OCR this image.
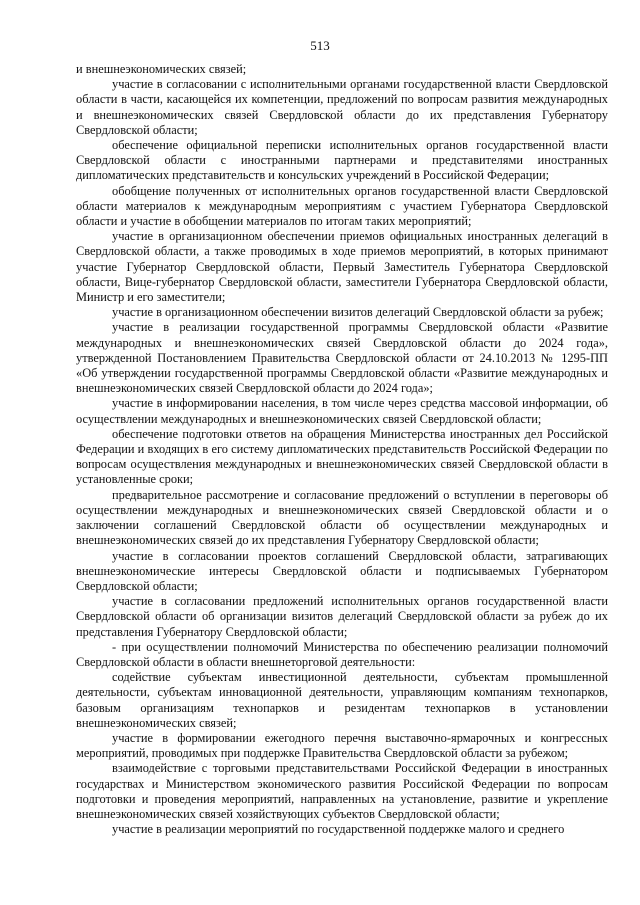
513

и внешнеэкономических связей;

участие в согласовании с исполнительными органами государственной власти Свердловской области в части, касающейся их компетенции, предложений по вопросам развития международных и внешнеэкономических связей Свердловской области до их представления Губернатору Свердловской области;

обеспечение официальной переписки исполнительных органов государственной власти Свердловской области с иностранными партнерами и представителями иностранных дипломатических представительств и консульских учреждений в Российской Федерации;

обобщение полученных от исполнительных органов государственной власти Свердловской области материалов к международным мероприятиям с участием Губернатора Свердловской области и участие в обобщении материалов по итогам таких мероприятий;

участие в организационном обеспечении приемов официальных иностранных делегаций в Свердловской области, а также проводимых в ходе приемов мероприятий, в которых принимают участие Губернатор Свердловской области, Первый Заместитель Губернатора Свердловской области, Вице-губернатор Свердловской области, заместители Губернатора Свердловской области, Министр и его заместители;

участие в организационном обеспечении визитов делегаций Свердловской области за рубеж;

участие в реализации государственной программы Свердловской области «Развитие международных и внешнеэкономических связей Свердловской области до 2024 года», утвержденной Постановлением Правительства Свердловской области от 24.10.2013 № 1295-ПП «Об утверждении государственной программы Свердловской области «Развитие международных и внешнеэкономических связей Свердловской области до 2024 года»;

участие в информировании населения, в том числе через средства массовой информации, об осуществлении международных и внешнеэкономических связей Свердловской области;

обеспечение подготовки ответов на обращения Министерства иностранных дел Российской Федерации и входящих в его систему дипломатических представительств Российской Федерации по вопросам осуществления международных и внешнеэкономических связей Свердловской области в установленные сроки;

предварительное рассмотрение и согласование предложений о вступлении в переговоры об осуществлении международных и внешнеэкономических связей Свердловской области и о заключении соглашений Свердловской области об осуществлении международных и внешнеэкономических связей до их представления Губернатору Свердловской области;

участие в согласовании проектов соглашений Свердловской области, затрагивающих внешнеэкономические интересы Свердловской области и подписываемых Губернатором Свердловской области;

участие в согласовании предложений исполнительных органов государственной власти Свердловской области об организации визитов делегаций Свердловской области за рубеж до их представления Губернатору Свердловской области;

- при осуществлении полномочий Министерства по обеспечению реализации полномочий Свердловской области в области внешнеторговой деятельности:

содействие субъектам инвестиционной деятельности, субъектам промышленной деятельности, субъектам инновационной деятельности, управляющим компаниям технопарков, базовым организациям технопарков и резидентам технопарков в установлении внешнеэкономических связей;

участие в формировании ежегодного перечня выставочно-ярмарочных и конгрессных мероприятий, проводимых при поддержке Правительства Свердловской области за рубежом;

взаимодействие с торговыми представительствами Российской Федерации в иностранных государствах и Министерством экономического развития Российской Федерации по вопросам подготовки и проведения мероприятий, направленных на установление, развитие и укрепление внешнеэкономических связей хозяйствующих субъектов Свердловской области;

участие в реализации мероприятий по государственной поддержке малого и среднего
